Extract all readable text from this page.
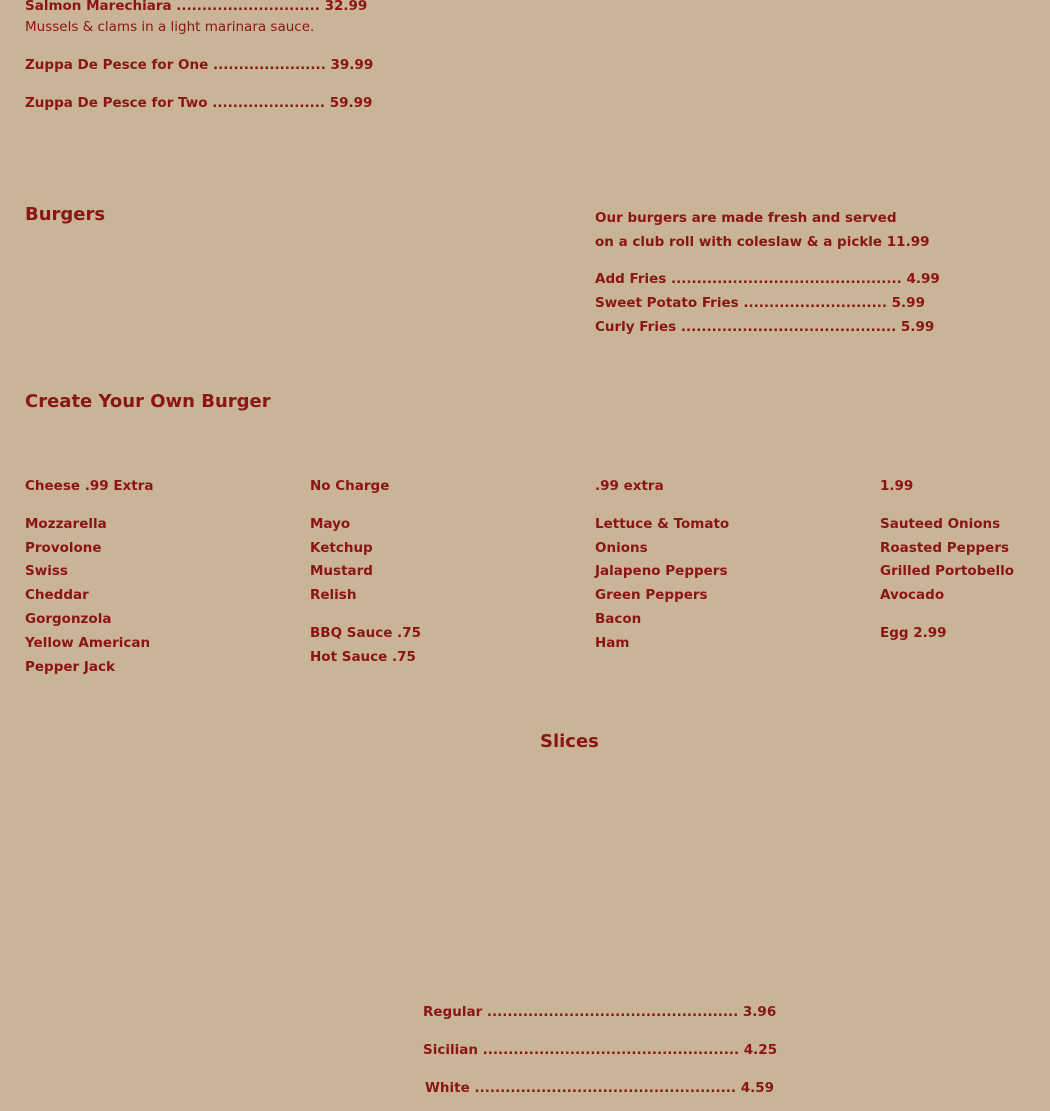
Salmon Marechiara ............................ 32.99
Mussels & clams in a light marinara sauce.
Zuppa De Pesce for One ...................... 39.99
Zuppa De Pesce for Two ...................... 59.99
Burgers	Our burgers are made fresh and served
on a club roll with coleslaw & a pickle 11.99
Add Fries ............................................. 4.99
Sweet Potato Fries ............................ 5.99
Curly Fries .......................................... 5.99
Create Your Own Burger
Cheese .99 Extra
Mozzarella
Provolone
Swiss
Cheddar
Gorgonzola
Yellow American
Pepper Jack
No Charge
Mayo
Ketchup
Mustard
Relish
BBQ Sauce .75
Hot Sauce .75
.99 extra
Lettuce & Tomato
Onions
Jalapeno Peppers
Green Peppers
Bacon
Ham
1.99
Sauteed Onions
Roasted Peppers
Grilled Portobello
Avocado
Egg 2.99
Slices
Regular ................................................. 3.96
Sicilian .................................................. 4.25
White ................................................... 4.59
